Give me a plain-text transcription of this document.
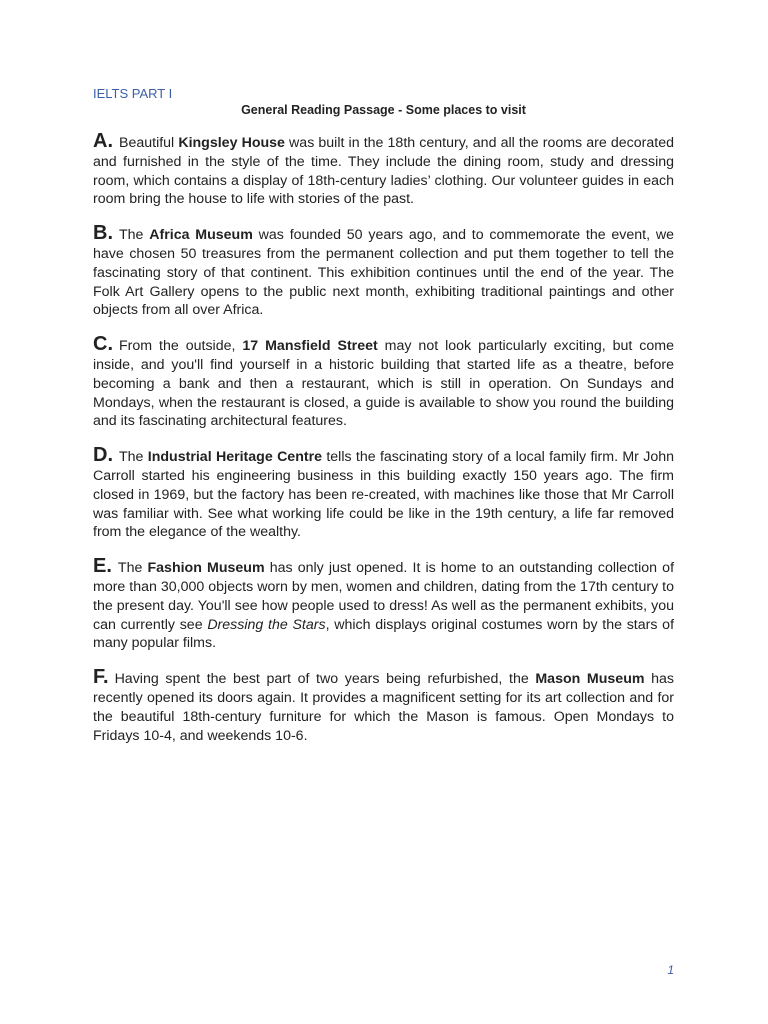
IELTS PART I
General Reading Passage - Some places to visit

A. Beautiful Kingsley House was built in the 18th century, and all the rooms are decorated and furnished in the style of the time. They include the dining room, study and dressing room, which contains a display of 18th-century ladies’ clothing. Our volunteer guides in each room bring the house to life with stories of the past.

B. The Africa Museum was founded 50 years ago, and to commemorate the event, we have chosen 50 treasures from the permanent collection and put them together to tell the fascinating story of that continent. This exhibition continues until the end of the year. The Folk Art Gallery opens to the public next month, exhibiting traditional paintings and other objects from all over Africa.

C. From the outside, 17 Mansfield Street may not look particularly exciting, but come inside, and you'll find yourself in a historic building that started life as a theatre, before becoming a bank and then a restaurant, which is still in operation. On Sundays and Mondays, when the restaurant is closed, a guide is available to show you round the building and its fascinating architectural features.

D. The Industrial Heritage Centre tells the fascinating story of a local family firm. Mr John Carroll started his engineering business in this building exactly 150 years ago. The firm closed in 1969, but the factory has been re-created, with machines like those that Mr Carroll was familiar with. See what working life could be like in the 19th century, a life far removed from the elegance of the wealthy.

E. The Fashion Museum has only just opened. It is home to an outstanding collection of more than 30,000 objects worn by men, women and children, dating from the 17th century to the present day. You'll see how people used to dress! As well as the permanent exhibits, you can currently see Dressing the Stars, which displays original costumes worn by the stars of many popular films.

F. Having spent the best part of two years being refurbished, the Mason Museum has recently opened its doors again. It provides a magnificent setting for its art collection and for the beautiful 18th-century furniture for which the Mason is famous. Open Mondays to Fridays 10-4, and weekends 10-6.

1
